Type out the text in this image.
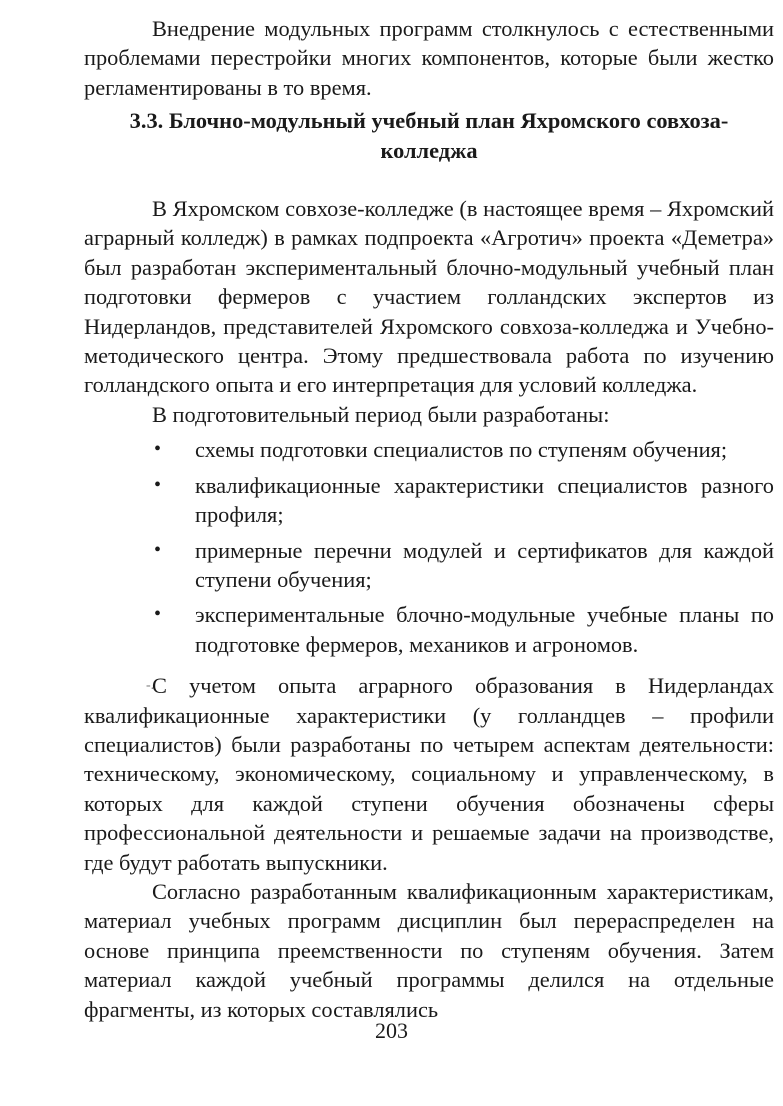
Внедрение модульных программ столкнулось с естественными проблемами перестройки многих компонентов, которые были жестко регламентированы в то время.

3.3. Блочно-модульный учебный план Яхромского совхоза-колледжа

В Яхромском совхозе-колледже (в настоящее время – Яхромский аграрный колледж) в рамках подпроекта «Агротич» проекта «Деметра» был разработан экспериментальный блочно-модульный учебный план подготовки фермеров с участием голландских экспертов из Нидерландов, представителей Яхромского совхоза-колледжа и Учебно-методического центра. Этому предшествовала работа по изучению голландского опыта и его интерпретация для условий колледжа.

В подготовительный период были разработаны:

• схемы подготовки специалистов по ступеням обучения;
• квалификационные характеристики специалистов разного профиля;
• примерные перечни модулей и сертификатов для каждой ступени обучения;
• экспериментальные блочно-модульные учебные планы по подготовке фермеров, механиков и агрономов.

-.
С учетом опыта аграрного образования в Нидерландах квалификационные характеристики (у голландцев – профили специалистов) были разработаны по четырем аспектам деятельности: техническому, экономическому, социальному и управленческому, в которых для каждой ступени обучения обозначены сферы профессиональной деятельности и решаемые задачи на производстве, где будут работать выпускники.

Согласно разработанным квалификационным характеристикам, материал учебных программ дисциплин был перераспределен на основе принципа преемственности по ступеням обучения. Затем материал каждой учебный программы делился на отдельные фрагменты, из которых составлялись

203
